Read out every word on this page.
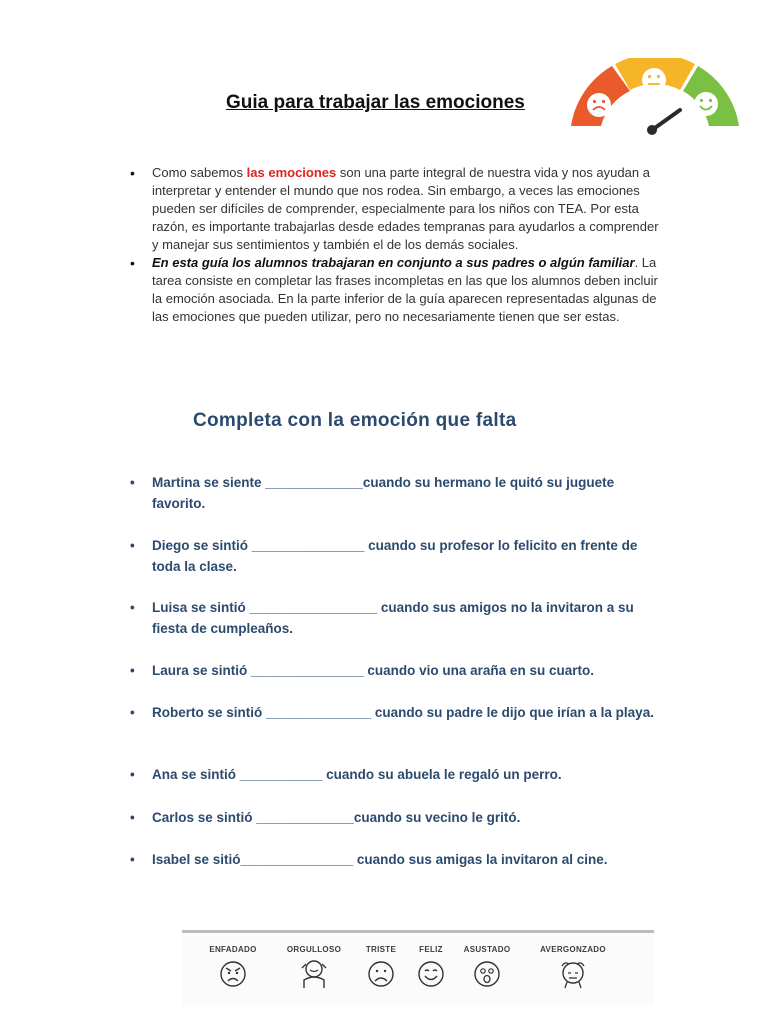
Guia para trabajar las emociones
• Como sabemos las emociones son una parte integral de nuestra vida y nos ayudan a interpretar y entender el mundo que nos rodea. Sin embargo, a veces las emociones pueden ser difíciles de comprender, especialmente para los niños con TEA. Por esta razón, es importante trabajarlas desde edades tempranas para ayudarlos a comprender y manejar sus sentimientos y también el de los demás sociales.
• En esta guía los alumnos trabajaran en conjunto a sus padres o algún familiar. La tarea consiste en completar las frases incompletas en las que los alumnos deben incluir la emoción asociada. En la parte inferior de la guía aparecen representadas algunas de las emociones que pueden utilizar, pero no necesariamente tienen que ser estas.
Completa con la emoción que falta
• Martina se siente _____________cuando su hermano le quitó su juguete favorito.
• Diego se sintió _______________ cuando su profesor lo felicito en frente de toda la clase.
• Luisa se sintió _________________ cuando sus amigos no la invitaron a su fiesta de cumpleaños.
• Laura se sintió _______________ cuando vio una araña en su cuarto.
• Roberto se sintió ______________ cuando su padre le dijo que irían a la playa.
• Ana se sintió ___________ cuando su abuela le regaló un perro.
• Carlos se sintió _____________cuando su vecino le gritó.
• Isabel se sitió_______________ cuando sus amigas la invitaron al cine.
ENFADADO	ORGULLOSO	TRISTE	FELIZ	ASUSTADO	AVERGONZADO
